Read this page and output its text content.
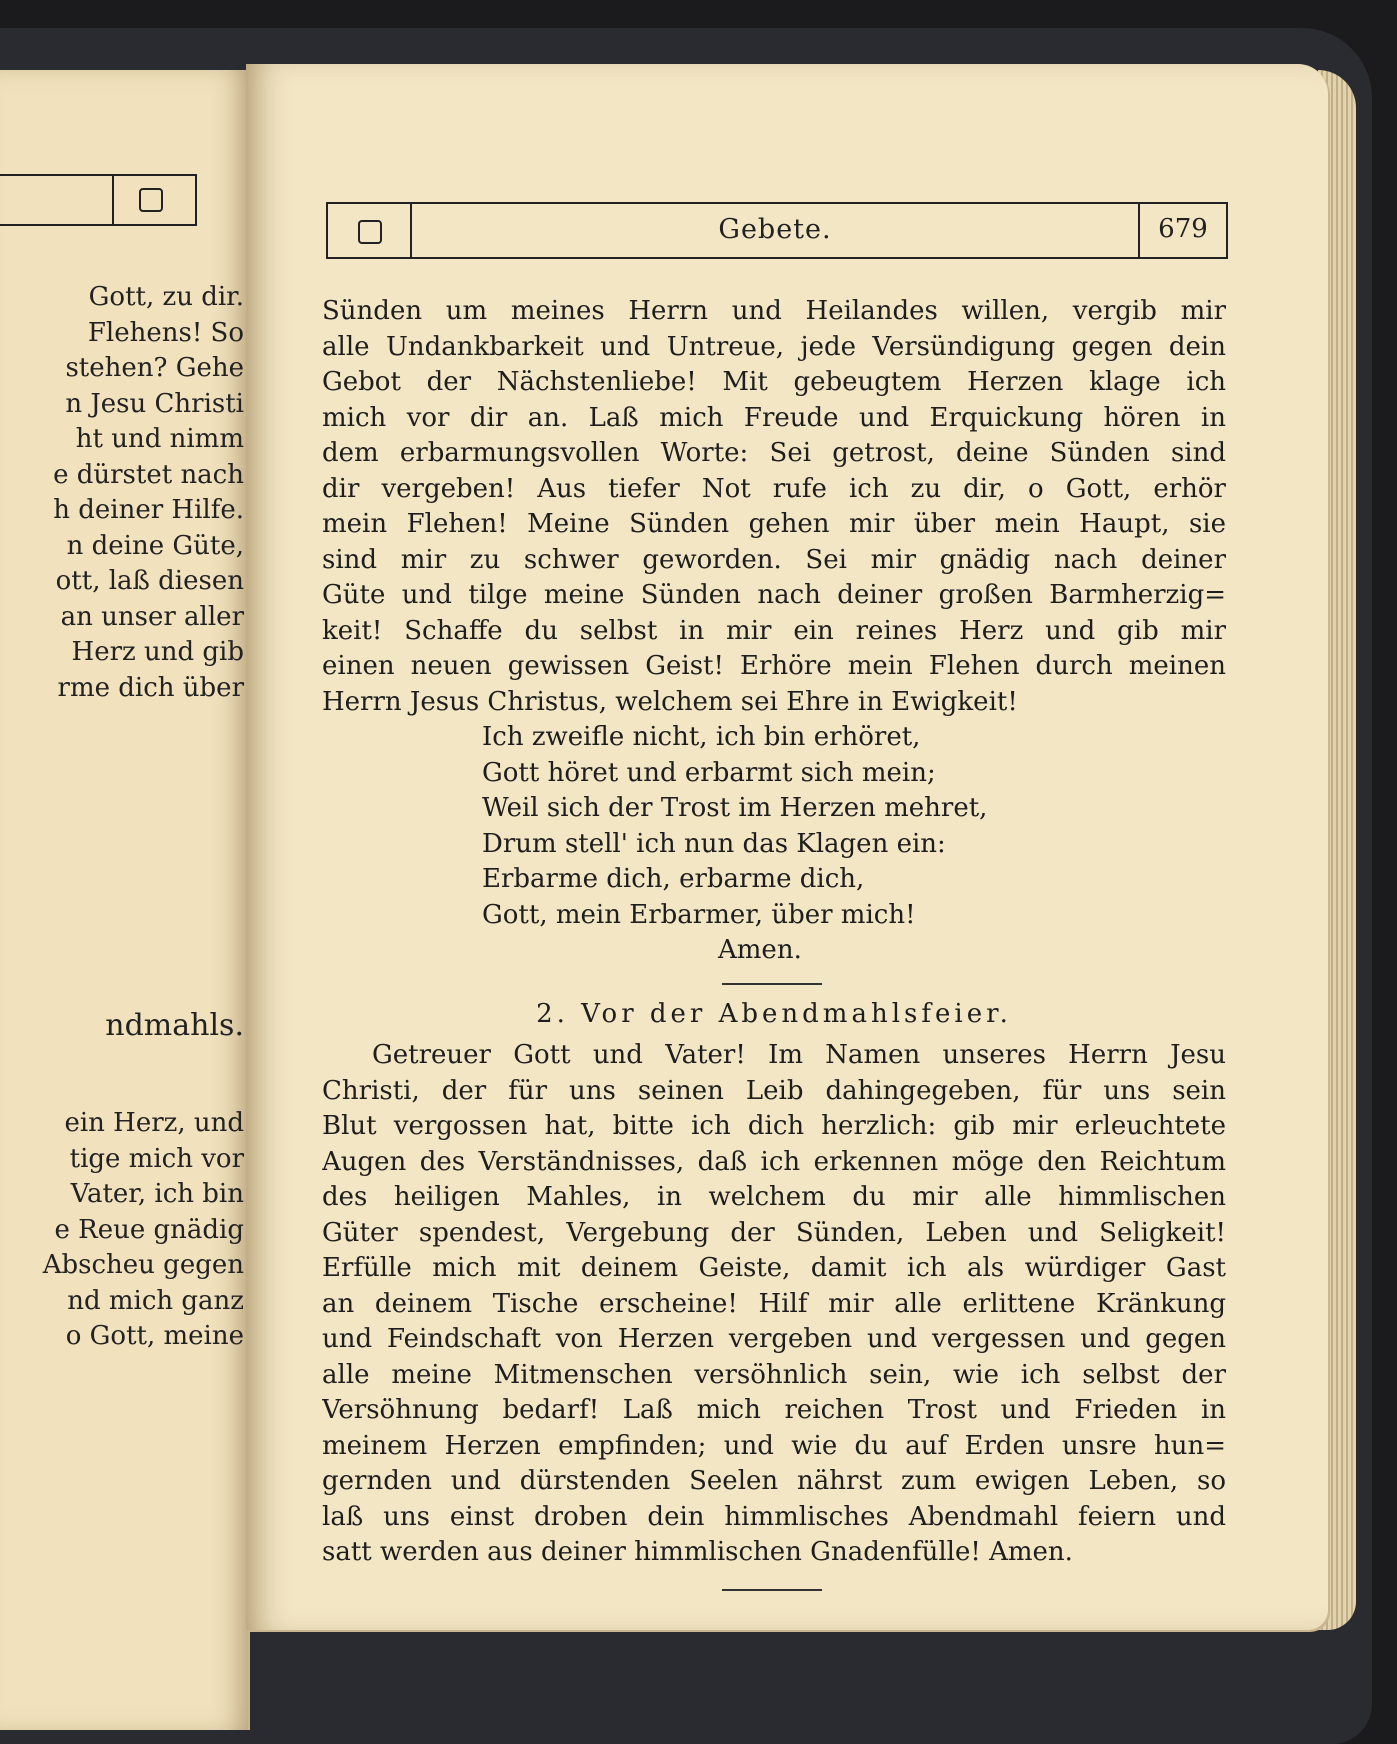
Gott, zu dir.
Flehens! So
stehen? Gehe
n Jesu Christi
ht und nimm
e dürstet nach
h deiner Hilfe.
n deine Güte,
ott, laß diesen
an unser aller
Herz und gib
rme dich über
ndmahls.
ein Herz, und
tige mich vor
Vater, ich bin
e Reue gnädig
Abscheu gegen
nd mich ganz
o Gott, meine
Gebete.	679
Sünden um meines Herrn und Heilandes willen, vergib mir
alle Undankbarkeit und Untreue, jede Versündigung gegen dein
Gebot der Nächstenliebe! Mit gebeugtem Herzen klage ich
mich vor dir an. Laß mich Freude und Erquickung hören in
dem erbarmungsvollen Worte: Sei getrost, deine Sünden sind
dir vergeben! Aus tiefer Not rufe ich zu dir, o Gott, erhör
mein Flehen! Meine Sünden gehen mir über mein Haupt, sie
sind mir zu schwer geworden. Sei mir gnädig nach deiner
Güte und tilge meine Sünden nach deiner großen Barmherzig=
keit! Schaffe du selbst in mir ein reines Herz und gib mir
einen neuen gewissen Geist! Erhöre mein Flehen durch meinen
Herrn Jesus Christus, welchem sei Ehre in Ewigkeit!
Ich zweifle nicht, ich bin erhöret,
Gott höret und erbarmt sich mein;
Weil sich der Trost im Herzen mehret,
Drum stell' ich nun das Klagen ein:
Erbarme dich, erbarme dich,
Gott, mein Erbarmer, über mich!
Amen.
2. Vor der Abendmahlsfeier.
Getreuer Gott und Vater! Im Namen unseres Herrn Jesu
Christi, der für uns seinen Leib dahingegeben, für uns sein
Blut vergossen hat, bitte ich dich herzlich: gib mir erleuchtete
Augen des Verständnisses, daß ich erkennen möge den Reichtum
des heiligen Mahles, in welchem du mir alle himmlischen
Güter spendest, Vergebung der Sünden, Leben und Seligkeit!
Erfülle mich mit deinem Geiste, damit ich als würdiger Gast
an deinem Tische erscheine! Hilf mir alle erlittene Kränkung
und Feindschaft von Herzen vergeben und vergessen und gegen
alle meine Mitmenschen versöhnlich sein, wie ich selbst der
Versöhnung bedarf! Laß mich reichen Trost und Frieden in
meinem Herzen empfinden; und wie du auf Erden unsre hun=
gernden und dürstenden Seelen nährst zum ewigen Leben, so
laß uns einst droben dein himmlisches Abendmahl feiern und
satt werden aus deiner himmlischen Gnadenfülle! Amen.
